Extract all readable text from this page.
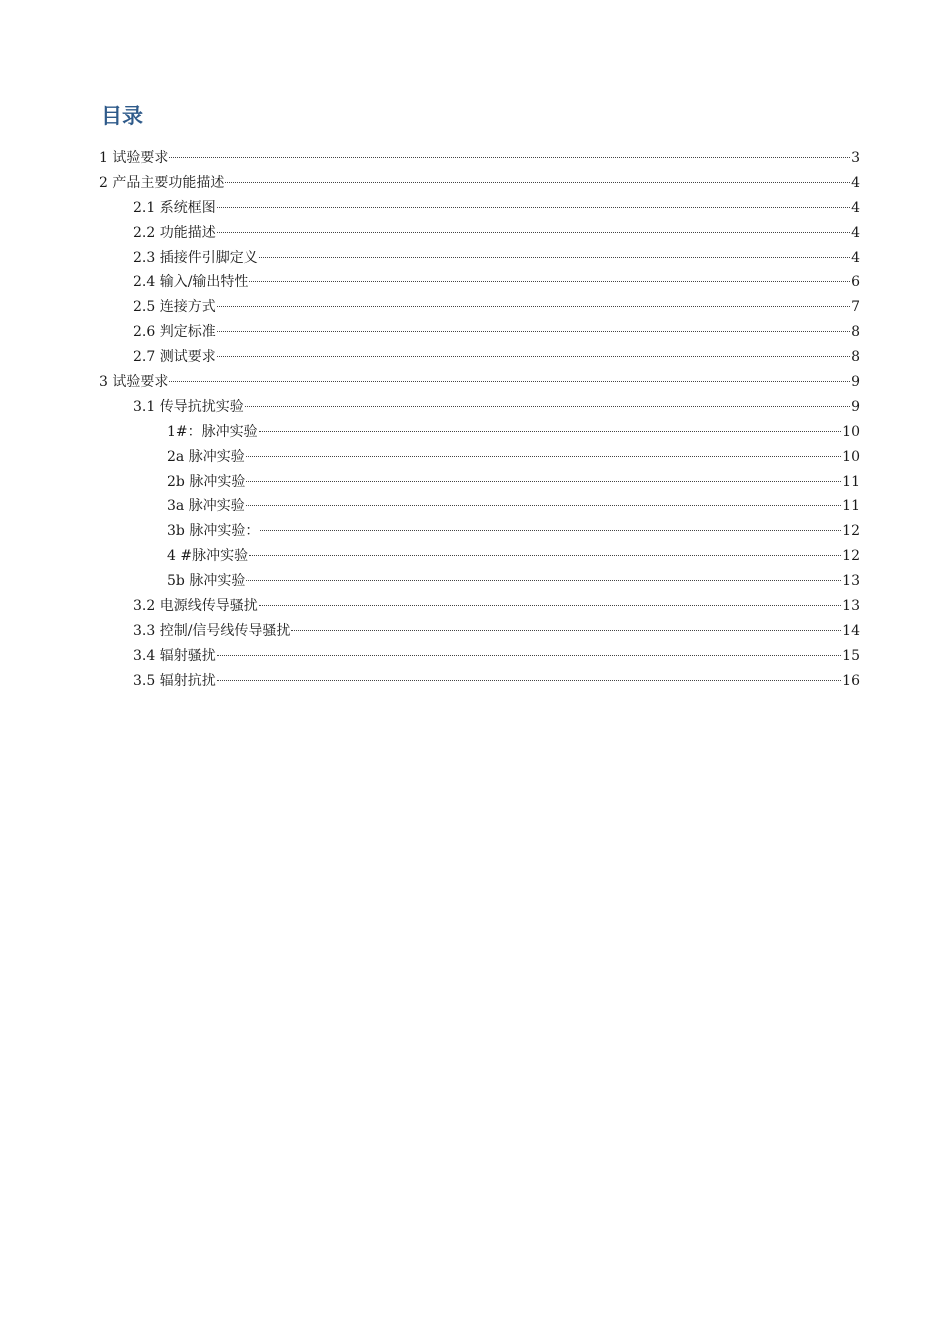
目录
1 试验要求	3
2 产品主要功能描述	4
2.1 系统框图	4
2.2 功能描述	4
2.3 插接件引脚定义	4
2.4 输入/输出特性	6
2.5 连接方式	7
2.6 判定标准	8
2.7 测试要求	8
3 试验要求	9
3.1 传导抗扰实验	9
1#：脉冲实验	10
2a 脉冲实验	10
2b 脉冲实验	11
3a 脉冲实验	11
3b 脉冲实验：	12
4 #脉冲实验	12
5b 脉冲实验	13
3.2 电源线传导骚扰	13
3.3 控制/信号线传导骚扰	14
3.4 辐射骚扰	15
3.5 辐射抗扰	16
